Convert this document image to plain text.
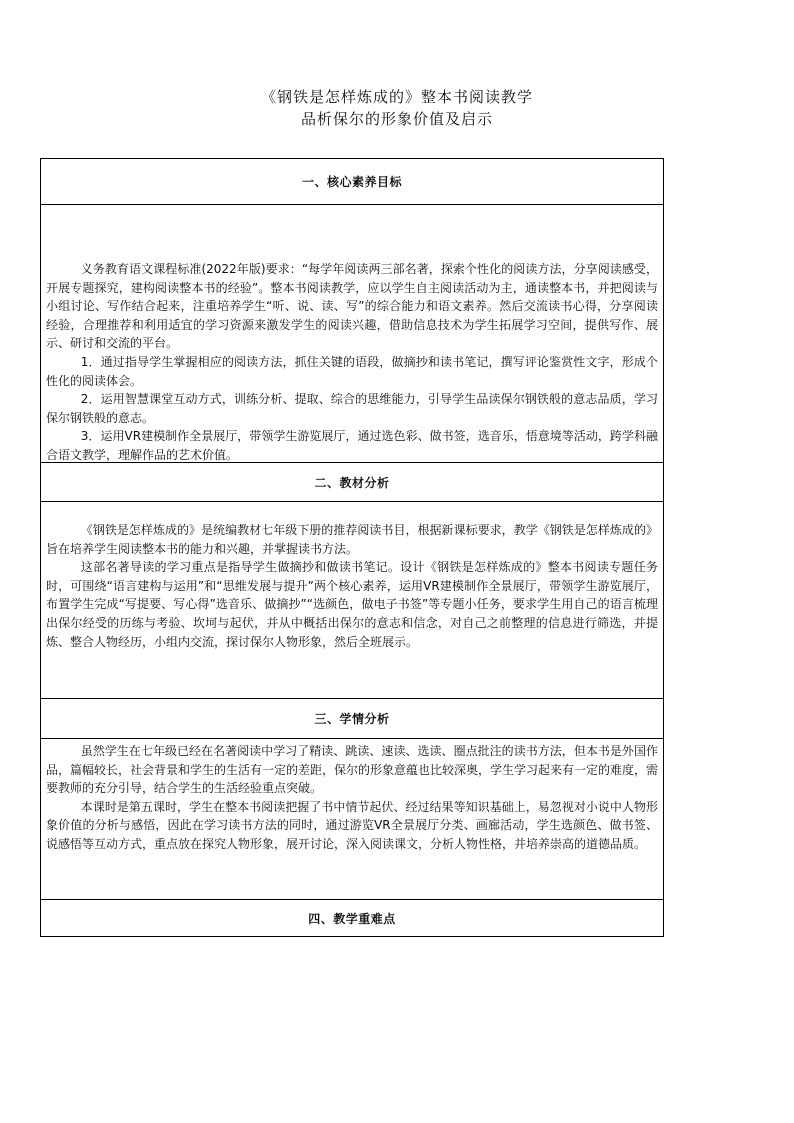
《钢铁是怎样炼成的》整本书阅读教学
品析保尔的形象价值及启示
一、核心素养目标

义务教育语文课程标准(2022年版)要求：“每学年阅读两三部名著，探索个性化的阅读方法，分享阅读感受，开展专题探究，建构阅读整本书的经验”。整本书阅读教学，应以学生自主阅读活动为主，通读整本书，并把阅读与小组讨论、写作结合起来，注重培养学生“听、说、读、写”的综合能力和语文素养。然后交流读书心得，分享阅读经验，合理推荐和利用适宜的学习资源来激发学生的阅读兴趣，借助信息技术为学生拓展学习空间，提供写作、展示、研讨和交流的平台。

1．通过指导学生掌握相应的阅读方法，抓住关键的语段，做摘抄和读书笔记，撰写评论鉴赏性文字，形成个性化的阅读体会。

2．运用智慧课堂互动方式，训练分析、提取、综合的思维能力，引导学生品读保尔钢铁般的意志品质，学习保尔钢铁般的意志。

3．运用VR建模制作全景展厅，带领学生游览展厅，通过选色彩、做书签，选音乐，悟意境等活动，跨学科融合语文教学，理解作品的艺术价值。

二、教材分析

《钢铁是怎样炼成的》是统编教材七年级下册的推荐阅读书目，根据新课标要求，教学《钢铁是怎样炼成的》旨在培养学生阅读整本书的能力和兴趣，并掌握读书方法。

这部名著导读的学习重点是指导学生做摘抄和做读书笔记。设计《钢铁是怎样炼成的》整本书阅读专题任务时，可围绕“语言建构与运用”和“思维发展与提升”两个核心素养，运用VR建模制作全景展厅，带领学生游览展厅，布置学生完成“写提要、写心得”选音乐、做摘抄”“选颜色，做电子书签”等专题小任务，要求学生用自己的语言梳理出保尔经受的历练与考验、坎坷与起伏，并从中概括出保尔的意志和信念，对自己之前整理的信息进行筛选，并提炼、整合人物经历，小组内交流，探讨保尔人物形象，然后全班展示。

三、学情分析

虽然学生在七年级已经在名著阅读中学习了精读、跳读、速读、选读、圈点批注的读书方法，但本书是外国作品，篇幅较长，社会背景和学生的生活有一定的差距，保尔的形象意蕴也比较深奥，学生学习起来有一定的难度，需要教师的充分引导，结合学生的生活经验重点突破。

本课时是第五课时，学生在整本书阅读把握了书中情节起伏、经过结果等知识基础上，易忽视对小说中人物形象价值的分析与感悟，因此在学习读书方法的同时，通过游览VR全景展厅分类、画廊活动，学生选颜色、做书签、说感悟等互动方式，重点放在探究人物形象，展开讨论，深入阅读课文，分析人物性格，并培养崇高的道德品质。

四、教学重难点
